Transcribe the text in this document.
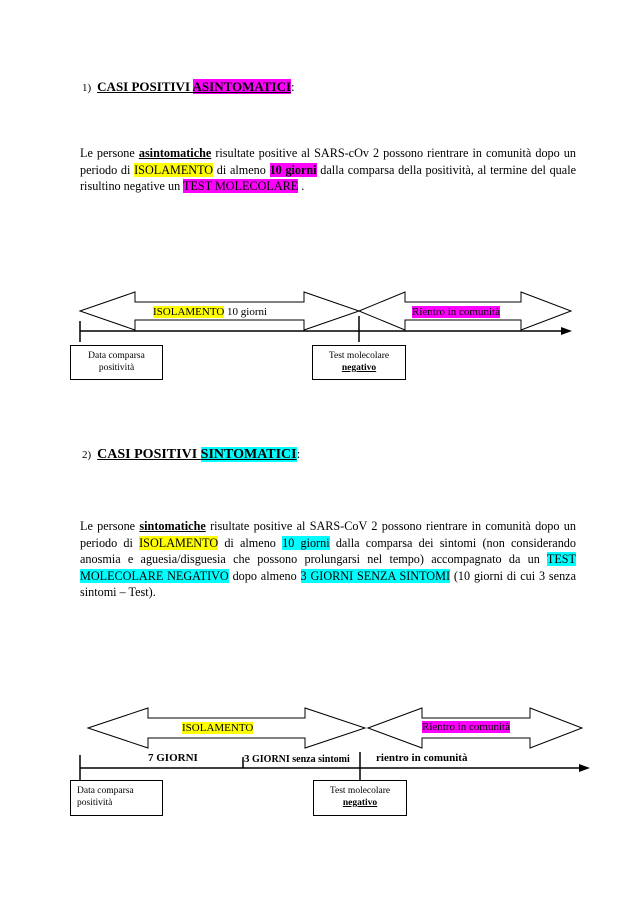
1) CASI POSITIVI ASINTOMATICI:
Le persone asintomatiche risultate positive al SARS-cOv 2 possono rientrare in comunità dopo un periodo di ISOLAMENTO di almeno 10 giorni dalla comparsa della positività, al termine del quale risultino negative un TEST MOLECOLARE .
ISOLAMENTO 10 giorni	Rientro in comunità
Data comparsa positività
Test molecolare
negativo
2) CASI POSITIVI SINTOMATICI:
Le persone sintomatiche risultate positive al SARS-CoV 2 possono rientrare in comunità dopo un periodo di ISOLAMENTO di almeno 10 giorni dalla comparsa dei sintomi (non considerando anosmia e aguesia/disguesia che possono prolungarsi nel tempo) accompagnato da un TEST MOLECOLARE NEGATIVO dopo almeno 3 GIORNI SENZA SINTOMI (10 giorni di cui 3 senza sintomi – Test).
ISOLAMENTO	Rientro in comunità
7 GIORNI	3 GIORNI senza sintomi rientro in comunità
Data comparsa positività
Test molecolare
negativo
